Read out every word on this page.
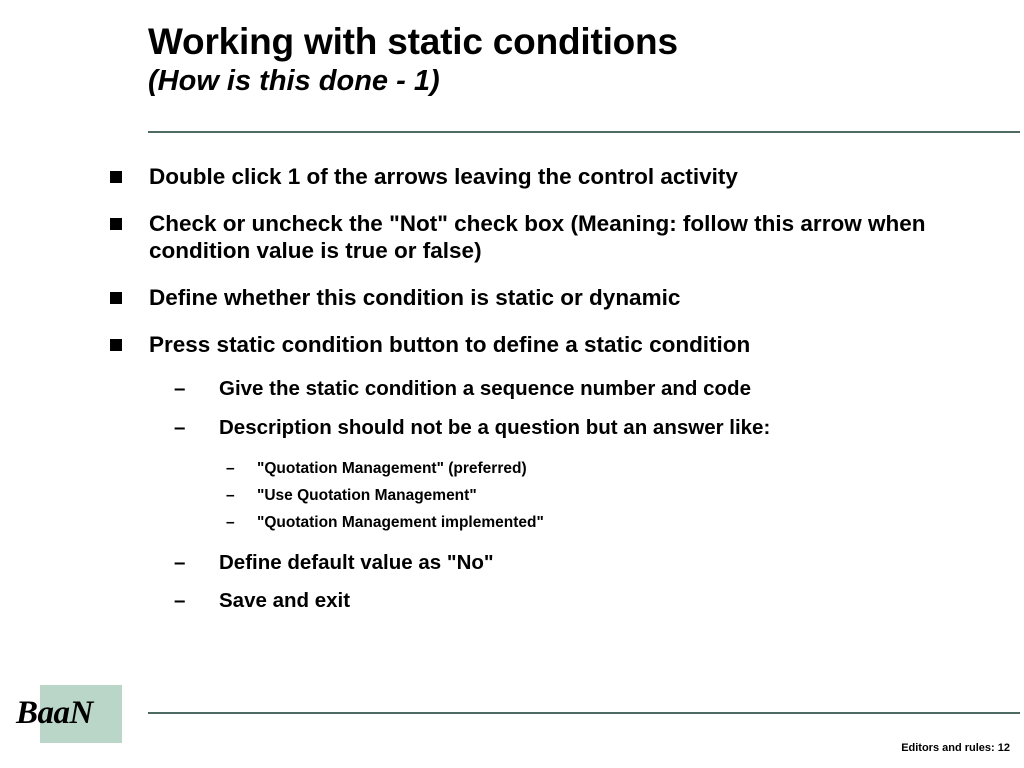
Working with static conditions
(How is this done - 1)
Double click 1 of the arrows leaving the control activity
Check or uncheck the "Not" check box (Meaning: follow this arrow when condition value is true or false)
Define whether this condition is static or dynamic
Press static condition button to define a static condition
– Give the static condition a sequence number and code
– Description should not be a question but an answer like:
– "Quotation Management" (preferred)
– "Use Quotation Management"
– "Quotation Management implemented"
– Define default value as "No"
– Save and exit
BaaN
Editors and rules: 12
